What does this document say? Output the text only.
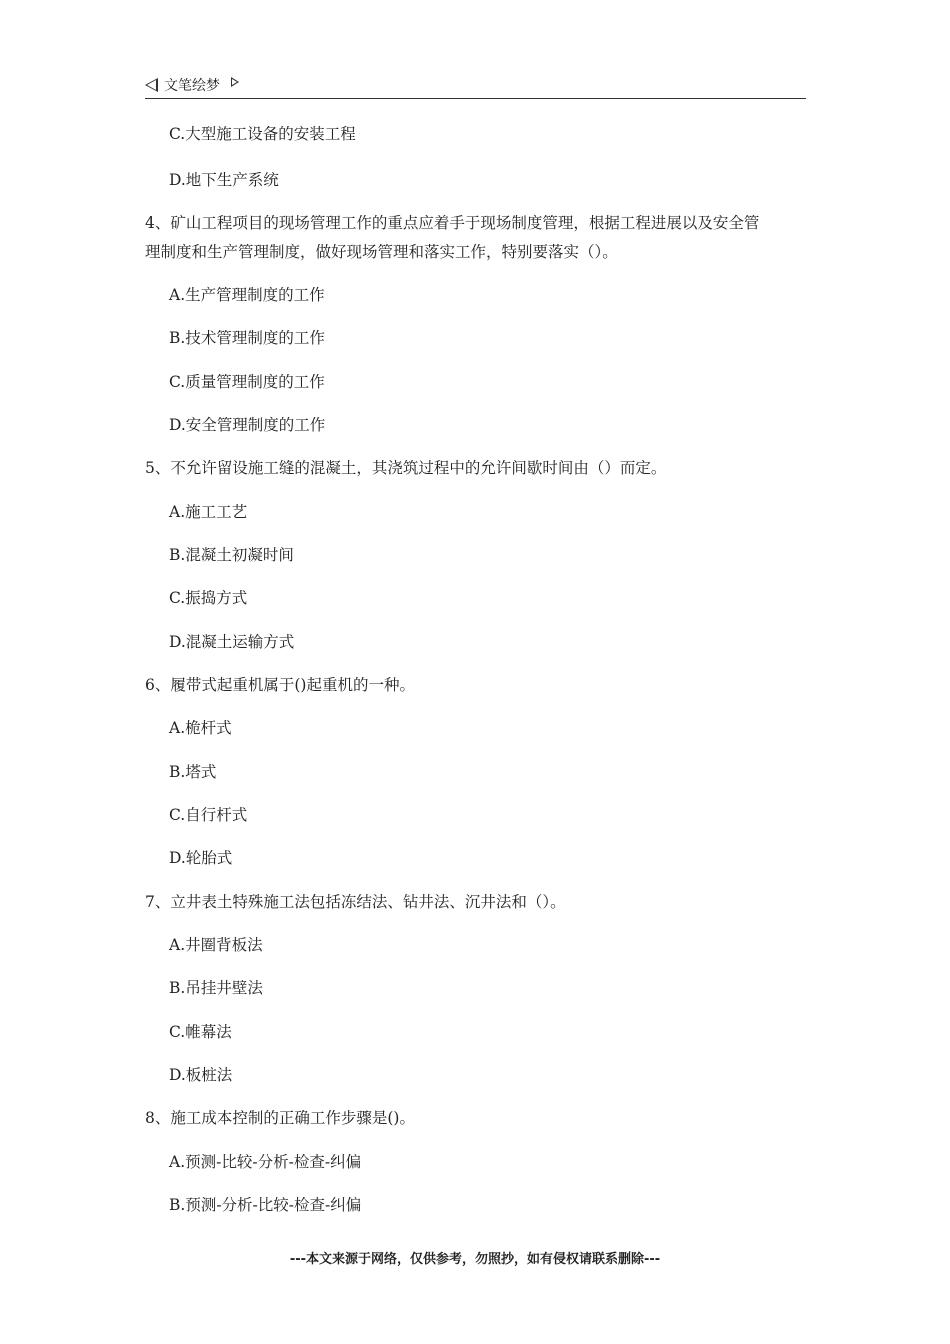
文笔绘梦
C.大型施工设备的安装工程
D.地下生产系统
4、矿山工程项目的现场管理工作的重点应着手于现场制度管理，根据工程进展以及安全管
理制度和生产管理制度，做好现场管理和落实工作，特别要落实（）。
A.生产管理制度的工作
B.技术管理制度的工作
C.质量管理制度的工作
D.安全管理制度的工作
5、不允许留设施工缝的混凝土，其浇筑过程中的允许间歇时间由（）而定。
A.施工工艺
B.混凝土初凝时间
C.振捣方式
D.混凝土运输方式
6、履带式起重机属于()起重机的一种。
A.桅杆式
B.塔式
C.自行杆式
D.轮胎式
7、立井表土特殊施工法包括冻结法、钻井法、沉井法和（）。
A.井圈背板法
B.吊挂井壁法
C.帷幕法
D.板桩法
8、施工成本控制的正确工作步骤是()。
A.预测-比较-分析-检查-纠偏
B.预测-分析-比较-检查-纠偏
---本文来源于网络，仅供参考，勿照抄，如有侵权请联系删除---
